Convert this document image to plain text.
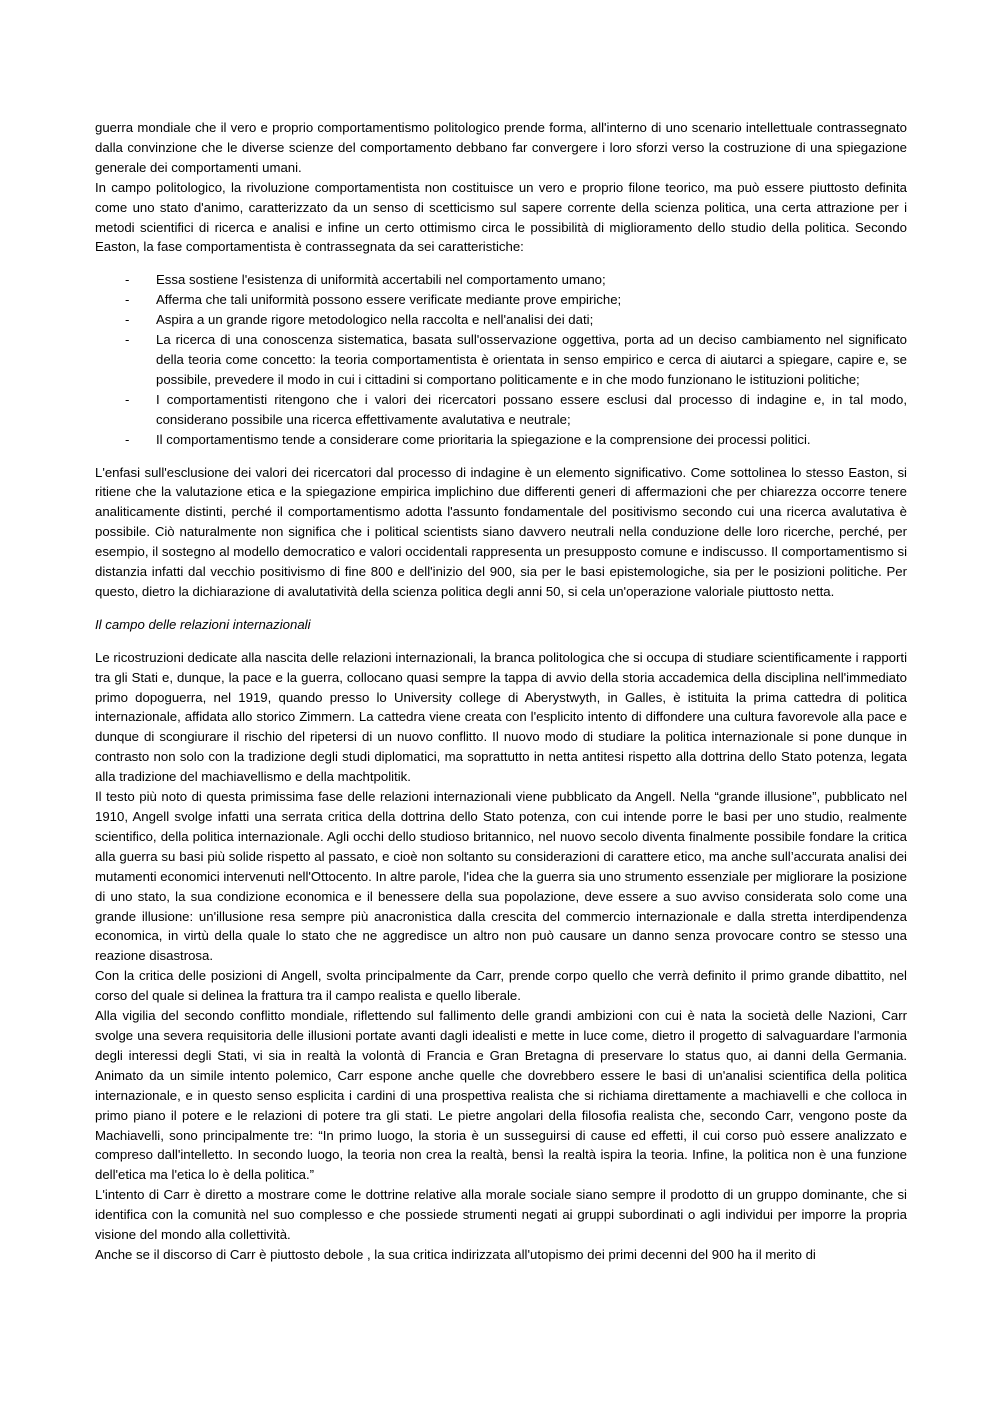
guerra mondiale che il vero e proprio comportamentismo politologico prende forma, all'interno di uno scenario intellettuale contrassegnato dalla convinzione che le diverse scienze del comportamento debbano far convergere i loro sforzi verso la costruzione di una spiegazione generale dei comportamenti umani.

In campo politologico, la rivoluzione comportamentista non costituisce un vero e proprio filone teorico, ma può essere piuttosto definita come uno stato d'animo, caratterizzato da un senso di scetticismo sul sapere corrente della scienza politica, una certa attrazione per i metodi scientifici di ricerca e analisi e infine un certo ottimismo circa le possibilità di miglioramento dello studio della politica. Secondo Easton, la fase comportamentista è contrassegnata da sei caratteristiche:

- Essa sostiene l'esistenza di uniformità accertabili nel comportamento umano;
- Afferma che tali uniformità possono essere verificate mediante prove empiriche;
- Aspira a un grande rigore metodologico nella raccolta e nell'analisi dei dati;
- La ricerca di una conoscenza sistematica, basata sull'osservazione oggettiva, porta ad un deciso cambiamento nel significato della teoria come concetto: la teoria comportamentista è orientata in senso empirico e cerca di aiutarci a spiegare, capire e, se possibile, prevedere il modo in cui i cittadini si comportano politicamente e in che modo funzionano le istituzioni politiche;
- I comportamentisti ritengono che i valori dei ricercatori possano essere esclusi dal processo di indagine e, in tal modo, considerano possibile una ricerca effettivamente avalutativa e neutrale;
- Il comportamentismo tende a considerare come prioritaria la spiegazione e la comprensione dei processi politici.

L'enfasi sull'esclusione dei valori dei ricercatori dal processo di indagine è un elemento significativo. Come sottolinea lo stesso Easton, si ritiene che la valutazione etica e la spiegazione empirica implichino due differenti generi di affermazioni che per chiarezza occorre tenere analiticamente distinti, perché il comportamentismo adotta l'assunto fondamentale del positivismo secondo cui una ricerca avalutativa è possibile. Ciò naturalmente non significa che i political scientists siano davvero neutrali nella conduzione delle loro ricerche, perché, per esempio, il sostegno al modello democratico e valori occidentali rappresenta un presupposto comune e indiscusso. Il comportamentismo si distanzia infatti dal vecchio positivismo di fine 800 e dell'inizio del 900, sia per le basi epistemologiche, sia per le posizioni politiche. Per questo, dietro la dichiarazione di avalutatività della scienza politica degli anni 50, si cela un'operazione valoriale piuttosto netta.

Il campo delle relazioni internazionali

Le ricostruzioni dedicate alla nascita delle relazioni internazionali, la branca politologica che si occupa di studiare scientificamente i rapporti tra gli Stati e, dunque, la pace e la guerra, collocano quasi sempre la tappa di avvio della storia accademica della disciplina nell'immediato primo dopoguerra, nel 1919, quando presso lo University college di Aberystwyth, in Galles, è istituita la prima cattedra di politica internazionale, affidata allo storico Zimmern. La cattedra viene creata con l'esplicito intento di diffondere una cultura favorevole alla pace e dunque di scongiurare il rischio del ripetersi di un nuovo conflitto. Il nuovo modo di studiare la politica internazionale si pone dunque in contrasto non solo con la tradizione degli studi diplomatici, ma soprattutto in netta antitesi rispetto alla dottrina dello Stato potenza, legata alla tradizione del machiavellismo e della machtpolitik.

Il testo più noto di questa primissima fase delle relazioni internazionali viene pubblicato da Angell. Nella “grande illusione”, pubblicato nel 1910, Angell svolge infatti una serrata critica della dottrina dello Stato potenza, con cui intende porre le basi per uno studio, realmente scientifico, della politica internazionale. Agli occhi dello studioso britannico, nel nuovo secolo diventa finalmente possibile fondare la critica alla guerra su basi più solide rispetto al passato, e cioè non soltanto su considerazioni di carattere etico, ma anche sull’accurata analisi dei mutamenti economici intervenuti nell'Ottocento. In altre parole, l'idea che la guerra sia uno strumento essenziale per migliorare la posizione di uno stato, la sua condizione economica e il benessere della sua popolazione, deve essere a suo avviso considerata solo come una grande illusione: un'illusione resa sempre più anacronistica dalla crescita del commercio internazionale e dalla stretta interdipendenza economica, in virtù della quale lo stato che ne aggredisce un altro non può causare un danno senza provocare contro se stesso una reazione disastrosa.

Con la critica delle posizioni di Angell, svolta principalmente da Carr, prende corpo quello che verrà definito il primo grande dibattito, nel corso del quale si delinea la frattura tra il campo realista e quello liberale.

Alla vigilia del secondo conflitto mondiale, riflettendo sul fallimento delle grandi ambizioni con cui è nata la società delle Nazioni, Carr svolge una severa requisitoria delle illusioni portate avanti dagli idealisti e mette in luce come, dietro il progetto di salvaguardare l'armonia degli interessi degli Stati, vi sia in realtà la volontà di Francia e Gran Bretagna di preservare lo status quo, ai danni della Germania. Animato da un simile intento polemico, Carr espone anche quelle che dovrebbero essere le basi di un'analisi scientifica della politica internazionale, e in questo senso esplicita i cardini di una prospettiva realista che si richiama direttamente a machiavelli e che colloca in primo piano il potere e le relazioni di potere tra gli stati. Le pietre angolari della filosofia realista che, secondo Carr, vengono poste da Machiavelli, sono principalmente tre: “In primo luogo, la storia è un susseguirsi di cause ed effetti, il cui corso può essere analizzato e compreso dall'intelletto. In secondo luogo, la teoria non crea la realtà, bensì la realtà ispira la teoria. Infine, la politica non è una funzione dell'etica ma l'etica lo è della politica.”

L'intento di Carr è diretto a mostrare come le dottrine relative alla morale sociale siano sempre il prodotto di un gruppo dominante, che si identifica con la comunità nel suo complesso e che possiede strumenti negati ai gruppi subordinati o agli individui per imporre la propria visione del mondo alla collettività.

Anche se il discorso di Carr è piuttosto debole , la sua critica indirizzata all'utopismo dei primi decenni del 900 ha il merito di
